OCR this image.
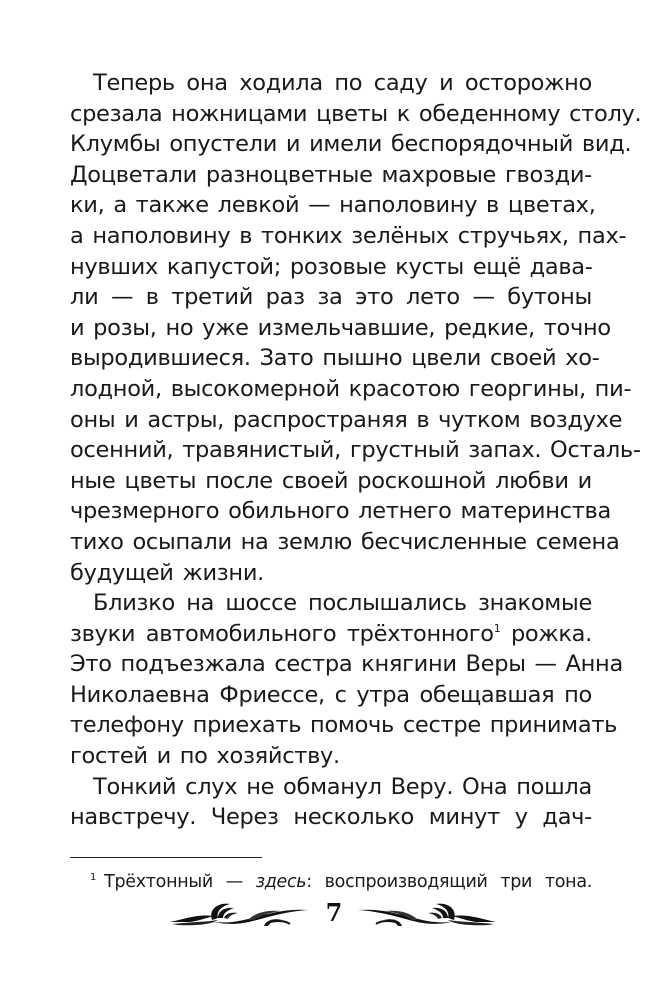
Теперь она ходила по саду и осторожно
срезала ножницами цветы к обеденному столу.
Клумбы опустели и имели беспорядочный вид.
Доцветали разноцветные махровые гвозди-
ки, а также левкой — наполовину в цветах,
а наполовину в тонких зелёных стручьях, пах-
нувших капустой; розовые кусты ещё дава-
ли — в третий раз за это лето — бутоны
и розы, но уже измельчавшие, редкие, точно
выродившиеся. Зато пышно цвели своей хо-
лодной, высокомерной красотою георгины, пи-
оны и астры, распространяя в чутком воздухе
осенний, травянистый, грустный запах. Осталь-
ные цветы после своей роскошной любви и
чрезмерного обильного летнего материнства
тихо осыпали на землю бесчисленные семена
будущей жизни.
Близко на шоссе послышались знакомые
звуки автомобильного трёхтонного$^1$ рожка.
Это подъезжала сестра княгини Веры — Анна
Николаевна Фриессе, с утра обещавшая по
телефону приехать помочь сестре принимать
гостей и по хозяйству.
Тонкий слух не обманул Веру. Она пошла
навстречу. Через несколько минут у дач-
$^1$ Трёхтонный — здесь: воспроизводящий три тона.
7
